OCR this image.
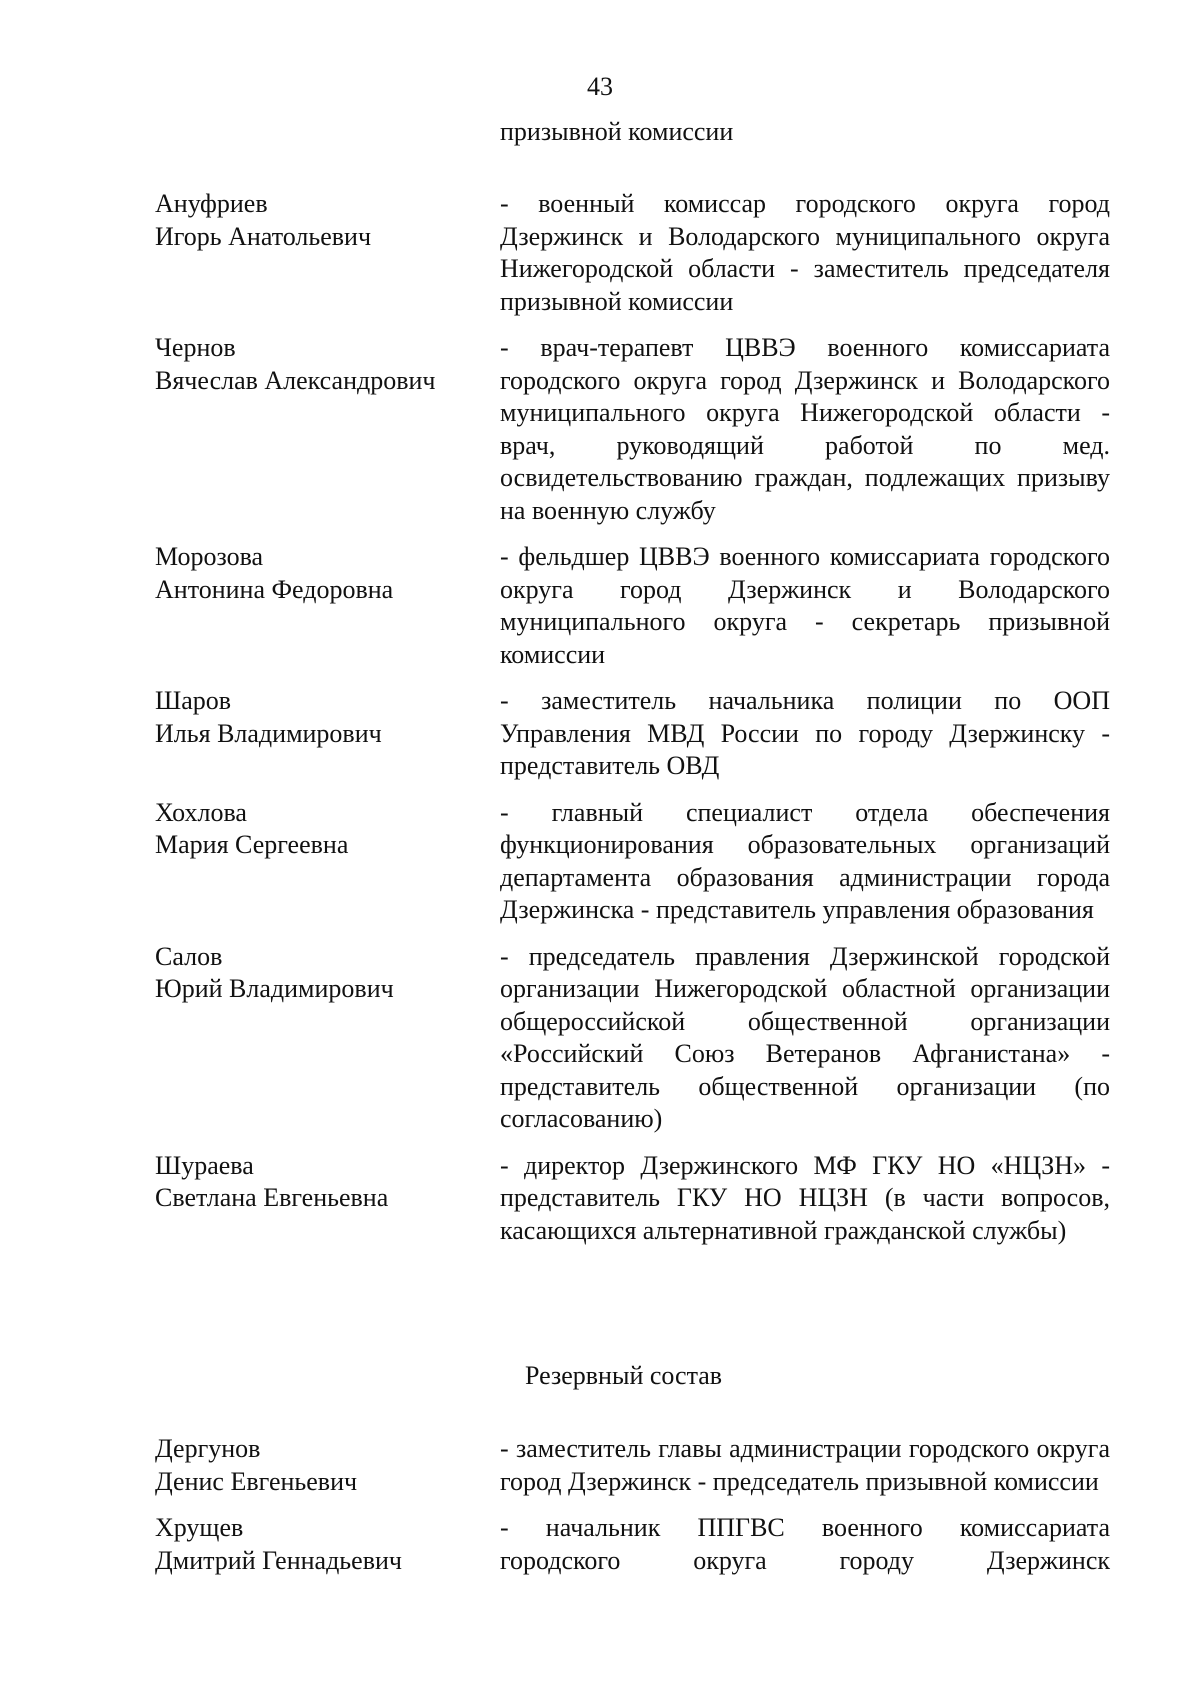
43
призывной комиссии
Ануфриев
Игорь Анатольевич
- военный комиссар городского округа город Дзержинск и Володарского муниципального округа Нижегородской области - заместитель председателя призывной комиссии
Чернов
Вячеслав Александрович
- врач-терапевт ЦВВЭ военного комиссариата городского округа город Дзержинск и Володарского муниципального округа Нижегородской области - врач, руководящий работой по мед. освидетельствованию граждан, подлежащих призыву на военную службу
Морозова
Антонина Федоровна
- фельдшер ЦВВЭ военного комиссариата городского округа город Дзержинск и Володарского муниципального округа - секретарь призывной комиссии
Шаров
Илья Владимирович
- заместитель начальника полиции по ООП Управления МВД России по городу Дзержинску - представитель ОВД
Хохлова
Мария Сергеевна
- главный специалист отдела обеспечения функционирования образовательных организаций департамента образования администрации города Дзержинска - представитель управления образования
Салов
Юрий Владимирович
- председатель правления Дзержинской городской организации Нижегородской областной организации общероссийской общественной организации «Российский Союз Ветеранов Афганистана» - представитель общественной организации (по согласованию)
Шураева
Светлана Евгеньевна
- директор Дзержинского МФ ГКУ НО «НЦЗН» - представитель ГКУ НО НЦЗН (в части вопросов, касающихся альтернативной гражданской службы)
Резервный состав
Дергунов
Денис Евгеньевич
- заместитель главы администрации городского округа город Дзержинск - председатель призывной комиссии
Хрущев
Дмитрий Геннадьевич
- начальник ППГВС военного комиссариата городского округа городу Дзержинск
